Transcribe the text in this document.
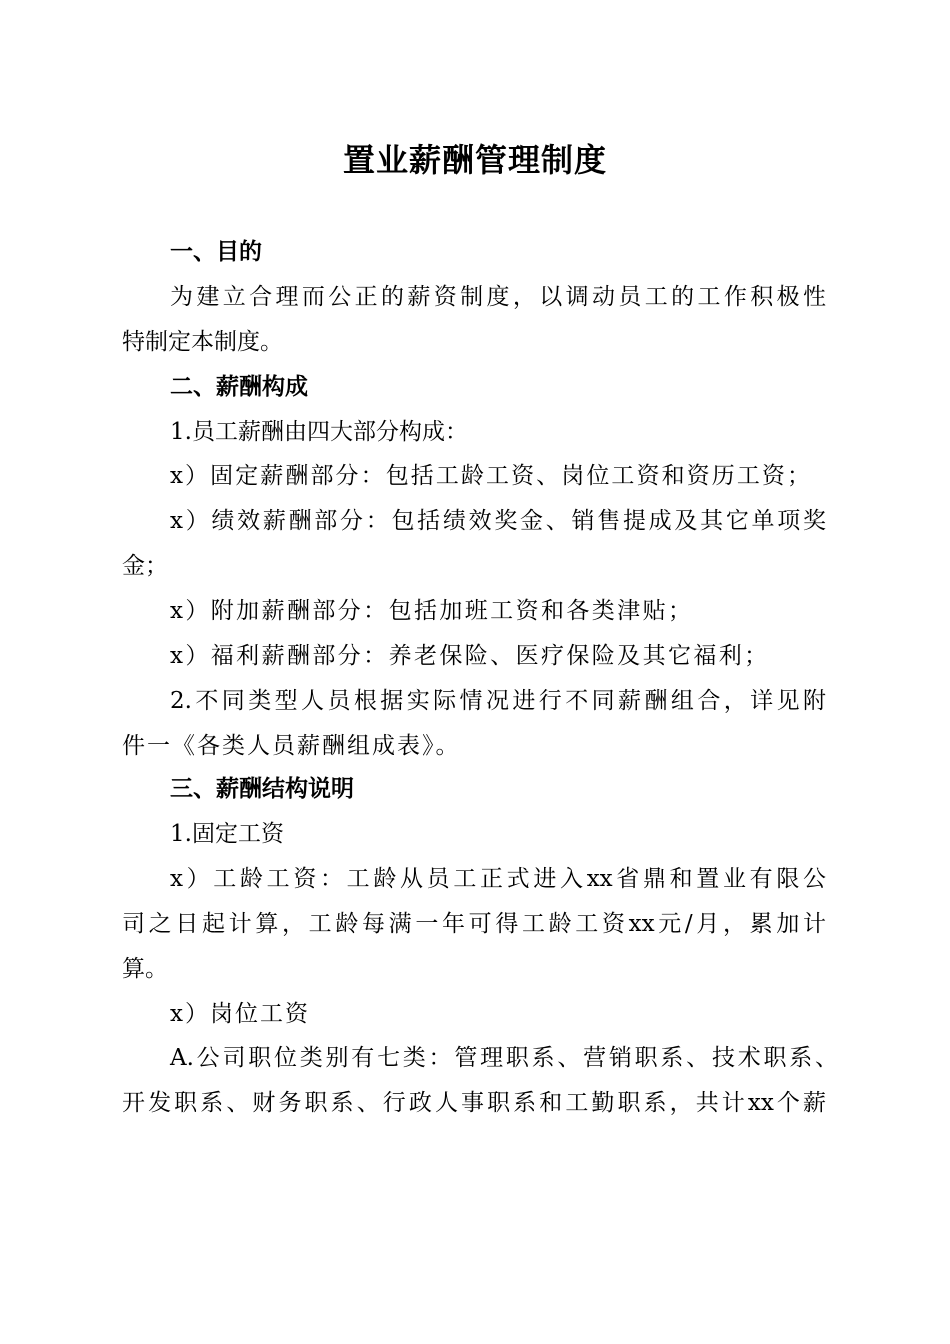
置业薪酬管理制度
一、目的
为建立合理而公正的薪资制度，以调动员工的工作积极性
特制定本制度。
二、薪酬构成
1.员工薪酬由四大部分构成：
x）固定薪酬部分：包括工龄工资、岗位工资和资历工资；
x）绩效薪酬部分：包括绩效奖金、销售提成及其它单项奖
金；
x）附加薪酬部分：包括加班工资和各类津贴；
x）福利薪酬部分：养老保险、医疗保险及其它福利；
2.不同类型人员根据实际情况进行不同薪酬组合，详见附
件一《各类人员薪酬组成表》。
三、薪酬结构说明
1.固定工资
x）工龄工资：工龄从员工正式进入xx省鼎和置业有限公
司之日起计算，工龄每满一年可得工龄工资xx元/月，累加计
算。
x）岗位工资
A.公司职位类别有七类：管理职系、营销职系、技术职系、
开发职系、财务职系、行政人事职系和工勤职系，共计xx个薪
